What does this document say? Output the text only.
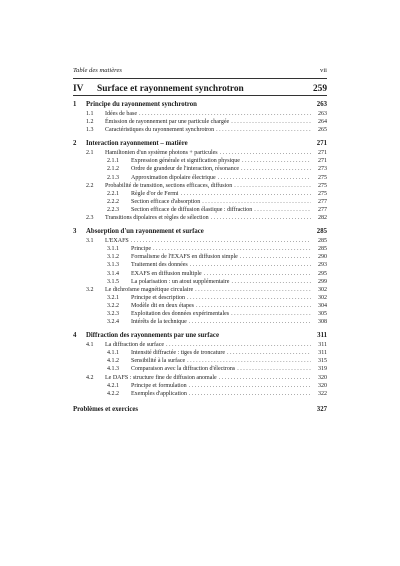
Table des matières	vii
IV	Surface et rayonnement synchrotron	259
1	Principe du rayonnement synchrotron	263
1.1	Idées de base . . .	263
1.2	Émission de rayonnement par une particule chargée . . .	264
1.3	Caractéristiques du rayonnement synchrotron . . .	265
2	Interaction rayonnement – matière	271
2.1	Hamiltonien d'un système photons + particules . . .	271
2.1.1	Expression générale et signification physique . . .	271
2.1.2	Ordre de grandeur de l'interaction, résonance . . .	273
2.1.3	Approximation dipolaire électrique . . .	275
2.2	Probabilité de transition, sections efficaces, diffusion . . .	275
2.2.1	Règle d'or de Fermi . . .	275
2.2.2	Section efficace d'absorption . . .	277
2.2.3	Section efficace de diffusion élastique : diffraction . . .	277
2.3	Transitions dipolaires et règles de sélection . . .	282
3	Absorption d'un rayonnement et surface	285
3.1	L'EXAFS . . .	285
3.1.1	Principe . . .	285
3.1.2	Formalisme de l'EXAFS en diffusion simple . . .	290
3.1.3	Traitement des données . . .	293
3.1.4	EXAFS en diffusion multiple . . .	295
3.1.5	La polarisation : un atout supplémentaire . . .	299
3.2	Le dichroïsme magnétique circulaire . . .	302
3.2.1	Principe et description . . .	302
3.2.2	Modèle dit en deux étapes . . .	304
3.2.3	Exploitation des données expérimentales . . .	305
3.2.4	Intérêts de la technique . . .	308
4	Diffraction des rayonnements par une surface	311
4.1	La diffraction de surface . . .	311
4.1.1	Intensité diffractée : tiges de troncature . . .	311
4.1.2	Sensibilité à la surface . . .	315
4.1.3	Comparaison avec la diffraction d'électrons . . .	319
4.2	Le DAFS : structure fine de diffusion anomale . . .	320
4.2.1	Principe et formulation . . .	320
4.2.2	Exemples d'application . . .	322
Problèmes et exercices	327
